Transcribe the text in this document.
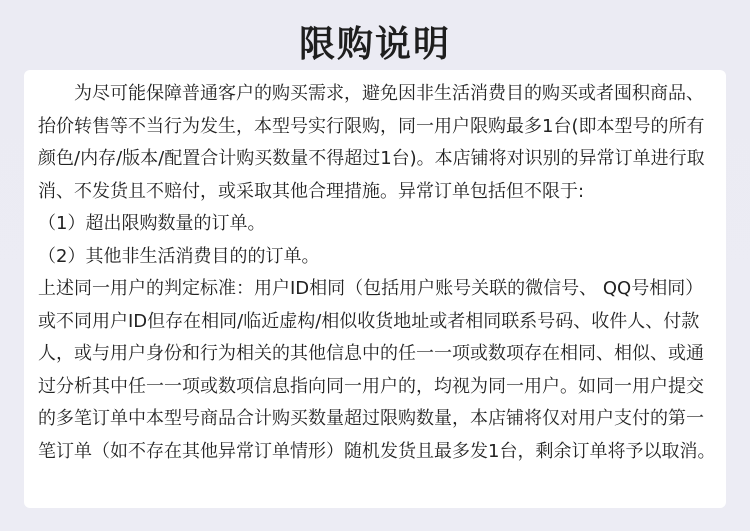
限购说明

为尽可能保障普通客户的购买需求，避免因非生活消费目的购买或者囤积商品、抬价转售等不当行为发生，本型号实行限购，同一用户限购最多1台(即本型号的所有颜色/内存/版本/配置合计购买数量不得超过1台)。本店铺将对识别的异常订单进行取消、不发货且不赔付，或采取其他合理措施。异常订单包括但不限于:

（1）超出限购数量的订单。

（2）其他非生活消费目的的订单。

上述同一用户的判定标准：用户ID相同（包括用户账号关联的微信号、 QQ号相同）或不同用户ID但存在相同/临近虚构/相似收货地址或者相同联系号码、收件人、付款人，或与用户身份和行为相关的其他信息中的任一一项或数项存在相同、相似、或通过分析其中任一一项或数项信息指向同一用户的，均视为同一用户。如同一用户提交的多笔订单中本型号商品合计购买数量超过限购数量，本店铺将仅对用户支付的第一笔订单（如不存在其他异常订单情形）随机发货且最多发1台，剩余订单将予以取消。
